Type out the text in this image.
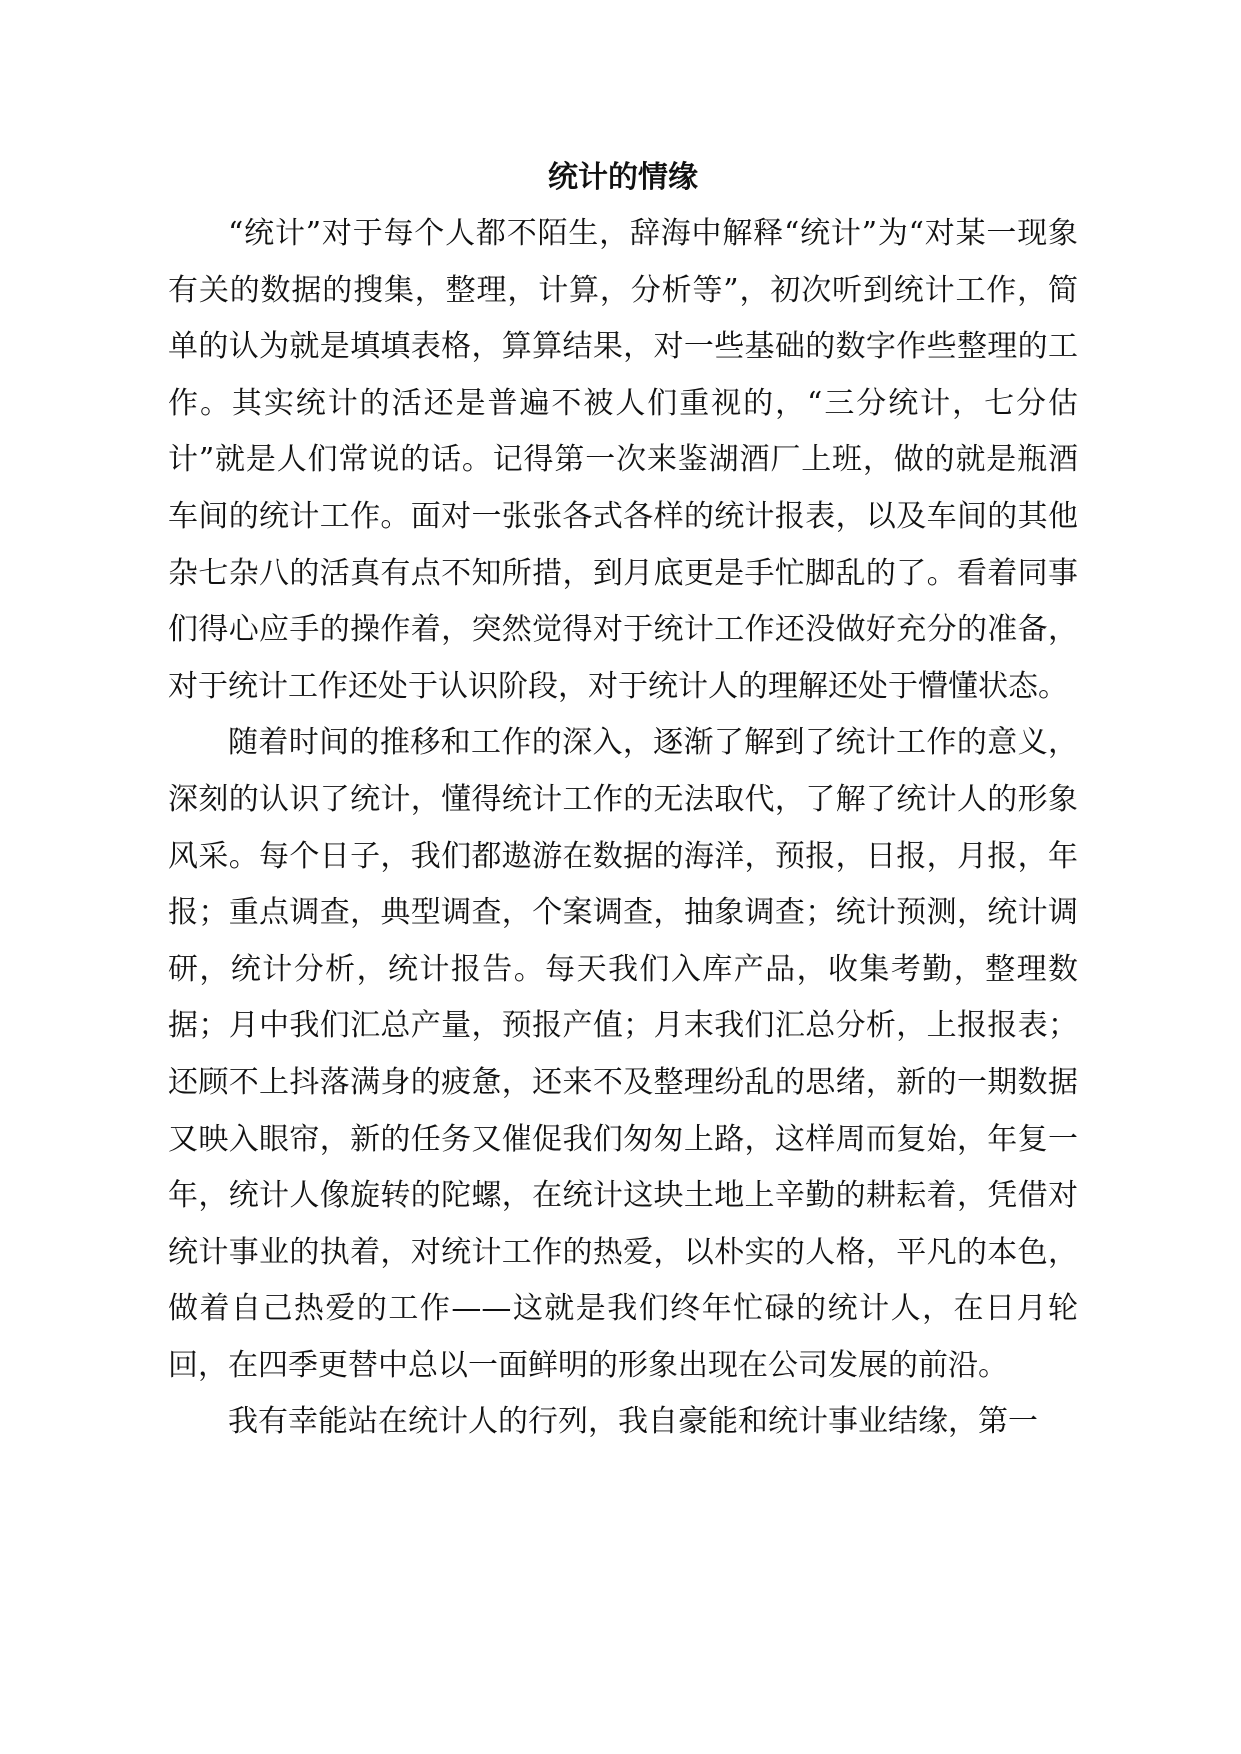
统计的情缘

“统计”对于每个人都不陌生，辞海中解释“统计”为“对某一现象有关的数据的搜集，整理，计算，分析等”，初次听到统计工作，简单的认为就是填填表格，算算结果，对一些基础的数字作些整理的工作。其实统计的活还是普遍不被人们重视的，“三分统计，七分估计”就是人们常说的话。记得第一次来鉴湖酒厂上班，做的就是瓶酒车间的统计工作。面对一张张各式各样的统计报表，以及车间的其他杂七杂八的活真有点不知所措，到月底更是手忙脚乱的了。看着同事们得心应手的操作着，突然觉得对于统计工作还没做好充分的准备，对于统计工作还处于认识阶段，对于统计人的理解还处于懵懂状态。

随着时间的推移和工作的深入，逐渐了解到了统计工作的意义，深刻的认识了统计，懂得统计工作的无法取代，了解了统计人的形象风采。每个日子，我们都遨游在数据的海洋，预报，日报，月报，年报；重点调查，典型调查，个案调查，抽象调查；统计预测，统计调研，统计分析，统计报告。每天我们入库产品，收集考勤，整理数据；月中我们汇总产量，预报产值；月末我们汇总分析，上报报表；还顾不上抖落满身的疲惫，还来不及整理纷乱的思绪，新的一期数据又映入眼帘，新的任务又催促我们匆匆上路，这样周而复始，年复一年，统计人像旋转的陀螺，在统计这块土地上辛勤的耕耘着，凭借对统计事业的执着，对统计工作的热爱，以朴实的人格，平凡的本色，做着自己热爱的工作——这就是我们终年忙碌的统计人，在日月轮回，在四季更替中总以一面鲜明的形象出现在公司发展的前沿。

我有幸能站在统计人的行列，我自豪能和统计事业结缘，第一
